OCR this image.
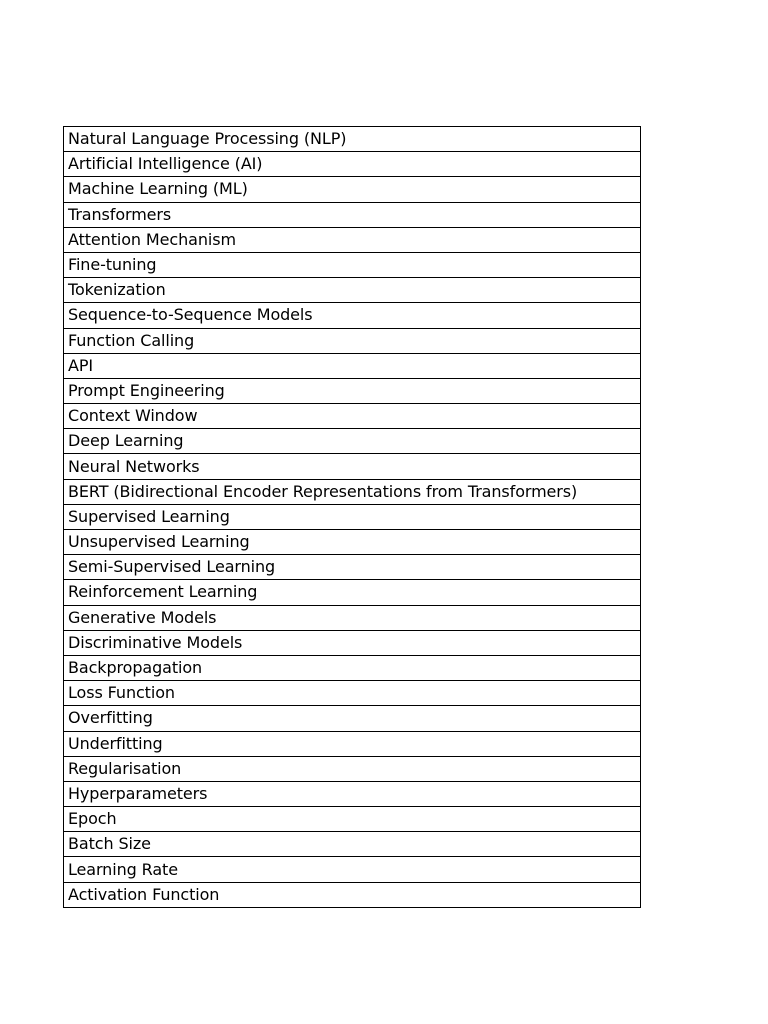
Natural Language Processing (NLP)
Artificial Intelligence (AI)
Machine Learning (ML)
Transformers
Attention Mechanism
Fine-tuning
Tokenization
Sequence-to-Sequence Models
Function Calling
API
Prompt Engineering
Context Window
Deep Learning
Neural Networks
BERT (Bidirectional Encoder Representations from Transformers)
Supervised Learning
Unsupervised Learning
Semi-Supervised Learning
Reinforcement Learning
Generative Models
Discriminative Models
Backpropagation
Loss Function
Overfitting
Underfitting
Regularisation
Hyperparameters
Epoch
Batch Size
Learning Rate
Activation Function
